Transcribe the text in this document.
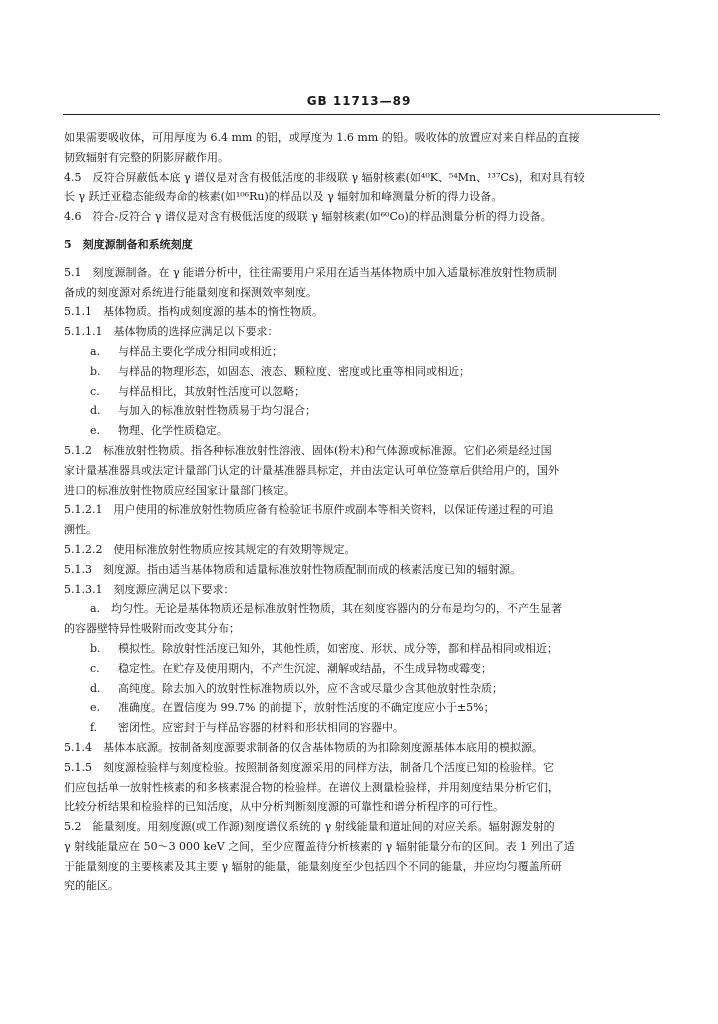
GB 11713—89
如果需要吸收体，可用厚度为 6.4 mm 的铝，或厚度为 1.6 mm 的铅。吸收体的放置应对来自样品的直接
韧致辐射有完整的阴影屏蔽作用。
4.5　反符合屏蔽低本底 γ 谱仪是对含有极低活度的非级联 γ 辐射核素(如⁴⁰K、⁵⁴Mn、¹³⁷Cs)，和对具有较
长 γ 跃迁亚稳态能级寿命的核素(如¹⁰⁶Ru)的样品以及 γ 辐射加和峰测量分析的得力设备。
4.6　符合-反符合 γ 谱仪是对含有极低活度的级联 γ 辐射核素(如⁶⁰Co)的样品测量分析的得力设备。
5　刻度源制备和系统刻度
5.1　刻度源制备。在 γ 能谱分析中，往往需要用户采用在适当基体物质中加入适量标准放射性物质制
备成的刻度源对系统进行能量刻度和探测效率刻度。
5.1.1　基体物质。指构成刻度源的基本的惰性物质。
5.1.1.1　基体物质的选择应满足以下要求：
a. 与样品主要化学成分相同或相近；
b. 与样品的物理形态，如固态、液态、颗粒度、密度或比重等相同或相近；
c. 与样品相比，其放射性活度可以忽略；
d. 与加入的标准放射性物质易于均匀混合；
e. 物理、化学性质稳定。
5.1.2　标准放射性物质。指各种标准放射性溶液、固体(粉末)和气体源或标准源。它们必须是经过国
家计量基准器具或法定计量部门认定的计量基准器具标定，并由法定认可单位签章后供给用户的，国外
进口的标准放射性物质应经国家计量部门核定。
5.1.2.1　用户使用的标准放射性物质应备有检验证书原件或副本等相关资料，以保证传递过程的可追
溯性。
5.1.2.2　使用标准放射性物质应按其规定的有效期等规定。
5.1.3　刻度源。指由适当基体物质和适量标准放射性物质配制而成的核素活度已知的辐射源。
5.1.3.1　刻度源应满足以下要求：
a.　均匀性。无论是基体物质还是标准放射性物质，其在刻度容器内的分布是均匀的，不产生显著
的容器壁特异性吸附而改变其分布；
b. 模拟性。除放射性活度已知外，其他性质，如密度、形状、成分等，都和样品相同或相近；
c. 稳定性。在贮存及使用期内，不产生沉淀、潮解或结晶，不生成异物或霉变；
d. 高纯度。除去加入的放射性标准物质以外，应不含或尽量少含其他放射性杂质；
e. 准确度。在置信度为 99.7% 的前提下，放射性活度的不确定度应小于±5%；
f. 密闭性。应密封于与样品容器的材料和形状相同的容器中。
5.1.4　基体本底源。按制备刻度源要求制备的仅含基体物质的为扣除刻度源基体本底用的模拟源。
5.1.5　刻度源检验样与刻度检验。按照制备刻度源采用的同样方法，制备几个活度已知的检验样。它
们应包括单一放射性核素的和多核素混合物的检验样。在谱仪上测量检验样，并用刻度结果分析它们，
比较分析结果和检验样的已知活度，从中分析判断刻度源的可靠性和谱分析程序的可行性。
5.2　能量刻度。用刻度源(或工作源)刻度谱仪系统的 γ 射线能量和道址间的对应关系。辐射源发射的
γ 射线能量应在 50～3 000 keV 之间，至少应覆盖待分析核素的 γ 辐射能量分布的区间。表 1 列出了适
于能量刻度的主要核素及其主要 γ 辐射的能量，能量刻度至少包括四个不同的能量，并应均匀覆盖所研
究的能区。
